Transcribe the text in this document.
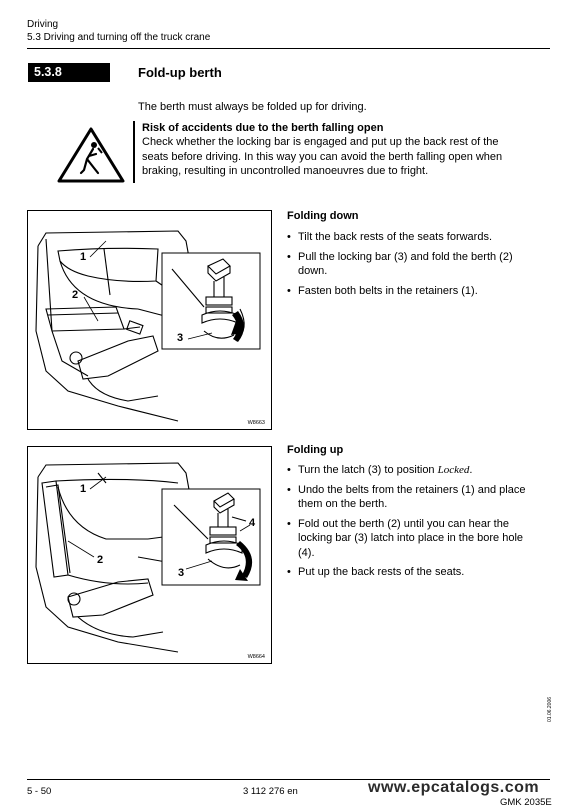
Driving
5.3 Driving and turning off the truck crane
5.3.8	Fold-up berth
The berth must always be folded up for driving.
Risk of accidents due to the berth falling open
Check whether the locking bar is engaged and put up the back rest of the
seats before driving. In this way you can avoid the berth falling open when
braking, resulting in uncontrolled manoeuvres due to fright.
1
2
3
W8663
Folding down
• Tilt the back rests of the seats forwards.
• Pull the locking bar (3) and fold the berth (2) down.
• Fasten both belts in the retainers (1).
1
2
3
4
W8664
Folding up
• Turn the latch (3) to position Locked.
• Undo the belts from the retainers (1) and place them on the berth.
• Fold out the berth (2) until you can hear the locking bar (3) latch into place in the bore hole (4).
• Put up the back rests of the seats.
01.06.2006
5 - 50	3 112 276 en	www.epcatalogs.com
GMK 2035E
